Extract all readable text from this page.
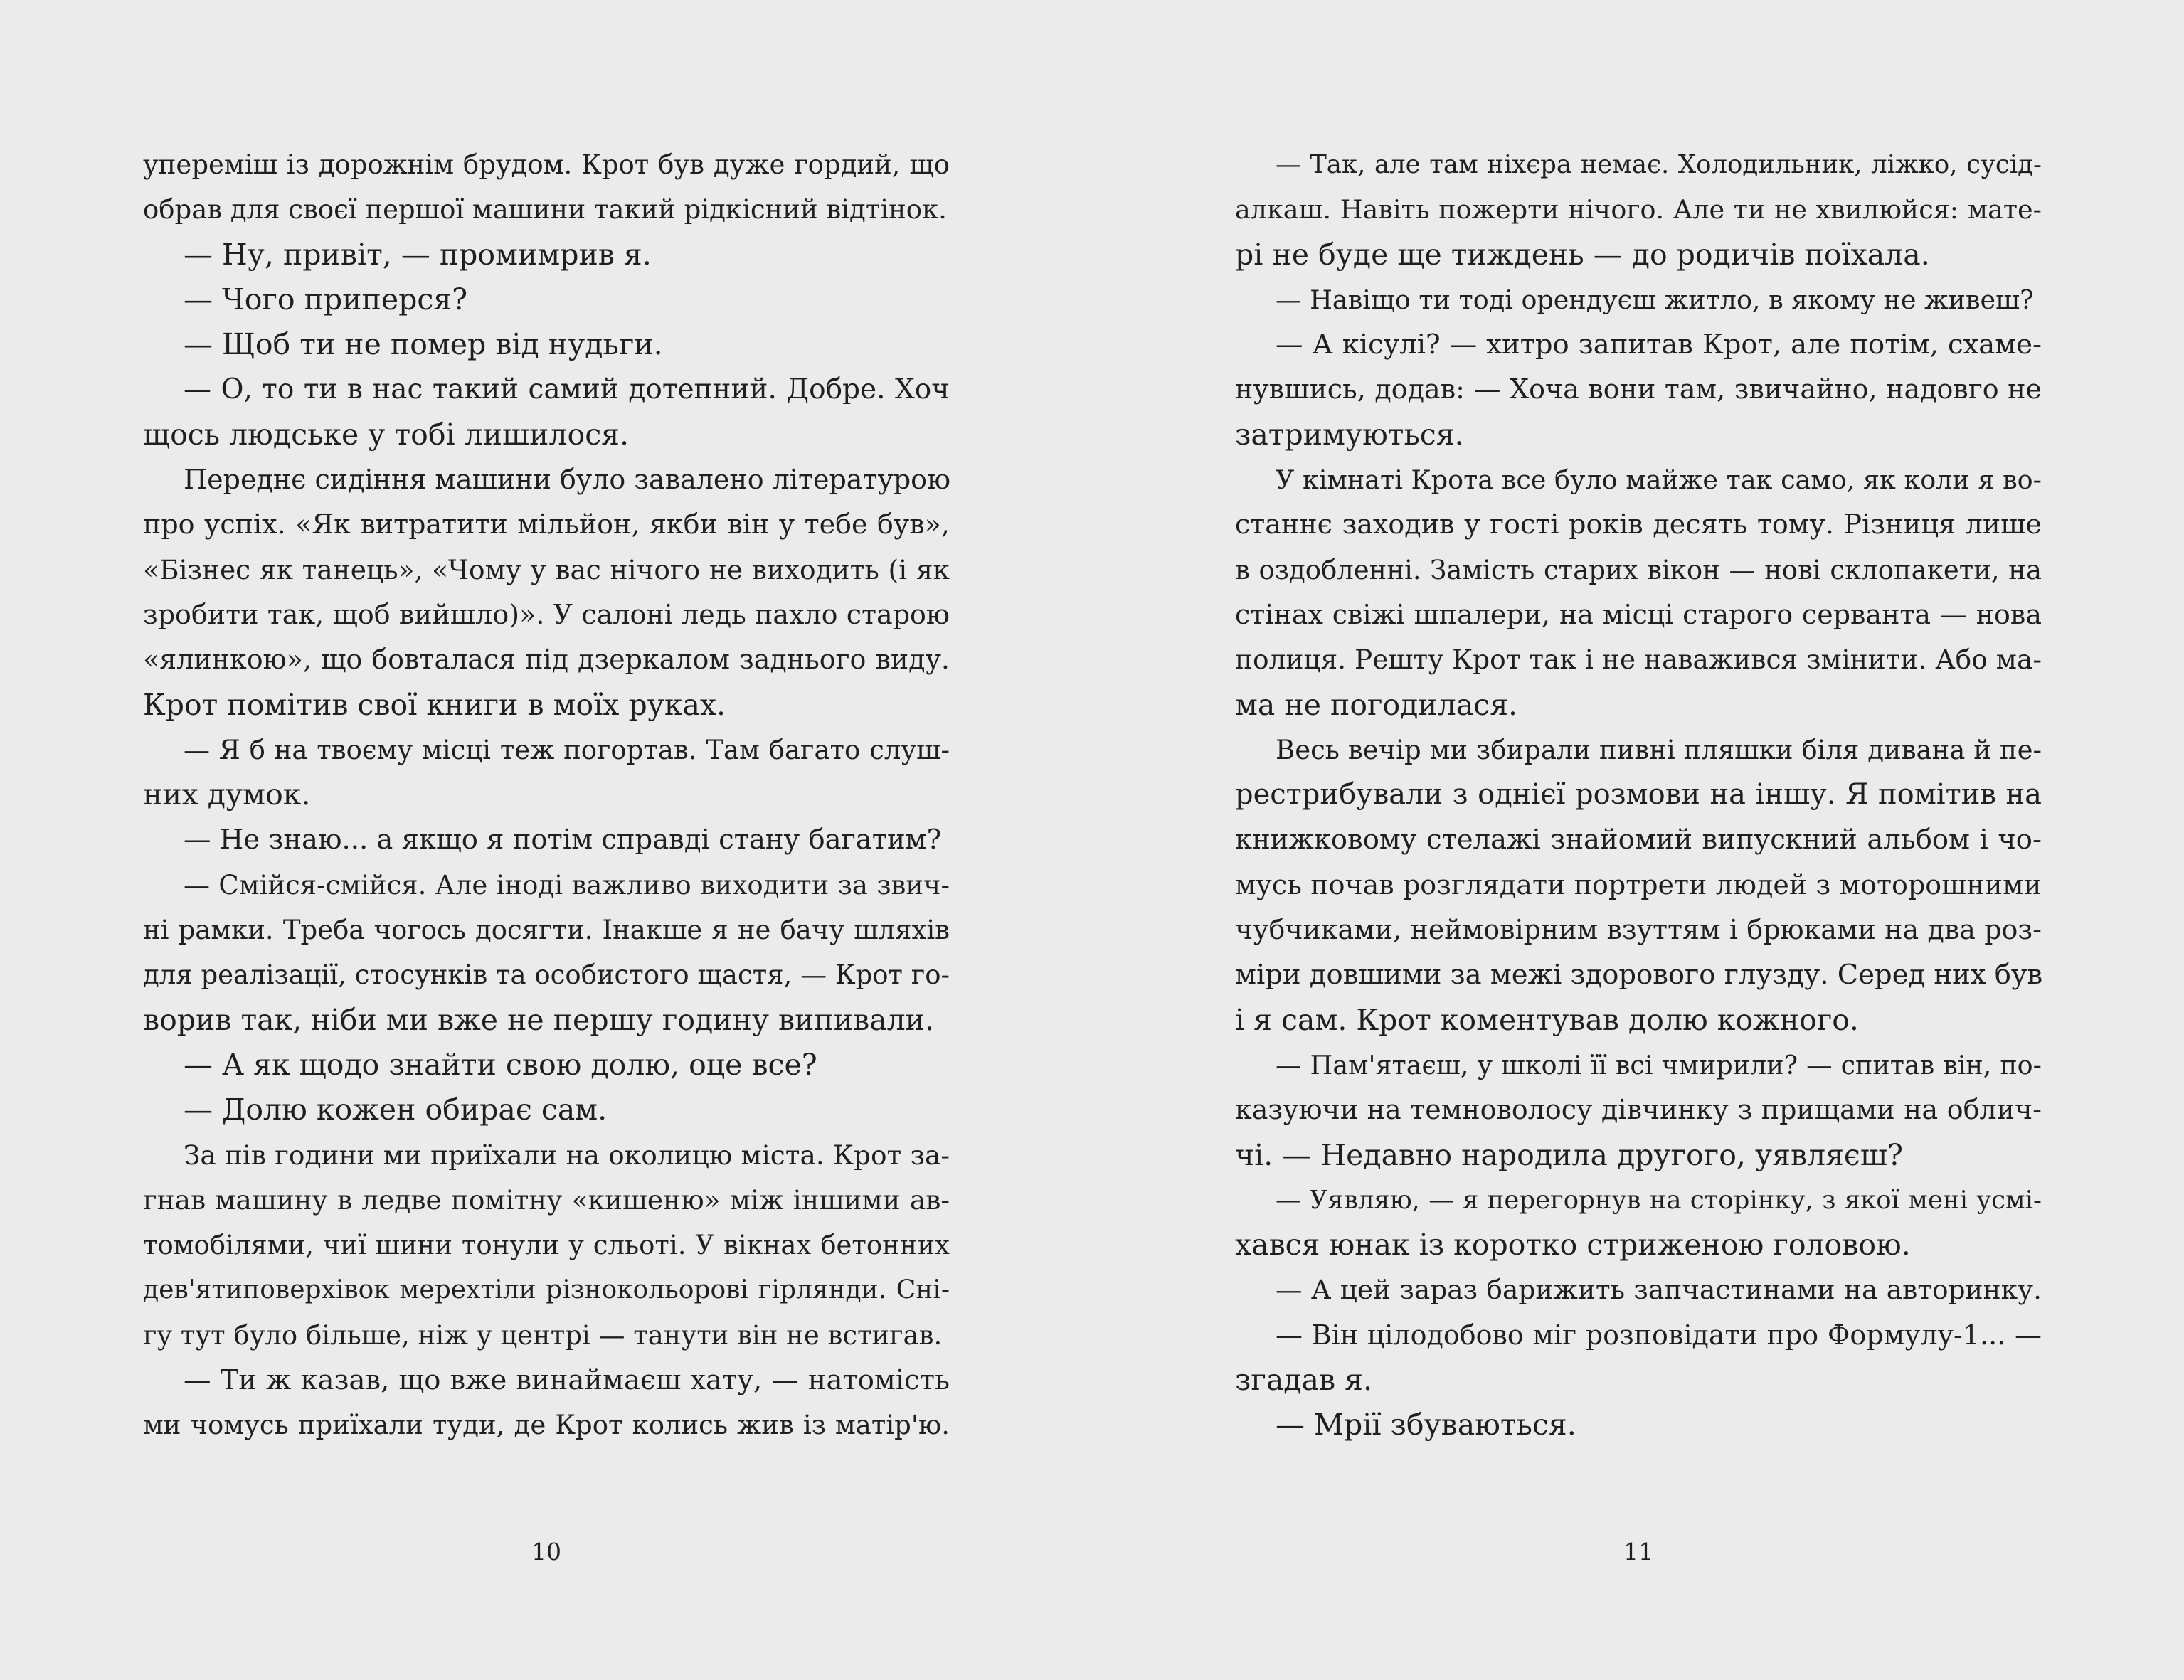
упереміш із дорожнім брудом. Крот був дуже гордий, що
обрав для своєї першої машини такий рідкісний відтінок.
— Ну, привіт, — промимрив я.
— Чого приперся?
— Щоб ти не помер від нудьги.
— О, то ти в нас такий самий дотепний. Добре. Хоч
щось людське у тобі лишилося.
Переднє сидіння машини було завалено літературою
про успіх. «Як витратити мільйон, якби він у тебе був»,
«Бізнес як танець», «Чому у вас нічого не виходить (і як
зробити так, щоб вийшло)». У салоні ледь пахло старою
«ялинкою», що бовталася під дзеркалом заднього виду.
Крот помітив свої книги в моїх руках.
— Я б на твоєму місці теж погортав. Там багато слуш-
них думок.
— Не знаю... а якщо я потім справді стану багатим?
— Смійся-смійся. Але іноді важливо виходити за звич-
ні рамки. Треба чогось досягти. Інакше я не бачу шляхів
для реалізації, стосунків та особистого щастя, — Крот го-
ворив так, ніби ми вже не першу годину випивали.
— А як щодо знайти свою долю, оце все?
— Долю кожен обирає сам.
За пів години ми приїхали на околицю міста. Крот за-
гнав машину в ледве помітну «кишеню» між іншими ав-
томобілями, чиї шини тонули у сльоті. У вікнах бетонних
дев'ятиповерхівок мерехтіли різнокольорові гірлянди. Сні-
гу тут було більше, ніж у центрі — танути він не встигав.
— Ти ж казав, що вже винаймаєш хату, — натомість
ми чомусь приїхали туди, де Крот колись жив із матір'ю.
10
— Так, але там ніхєра немає. Холодильник, ліжко, сусід-
алкаш. Навіть пожерти нічого. Але ти не хвилюйся: мате-
рі не буде ще тиждень — до родичів поїхала.
— Навіщо ти тоді орендуєш житло, в якому не живеш?
— А кісулі? — хитро запитав Крот, але потім, схаме-
нувшись, додав: — Хоча вони там, звичайно, надовго не
затримуються.
У кімнаті Крота все було майже так само, як коли я во-
станнє заходив у гості років десять тому. Різниця лише
в оздобленні. Замість старих вікон — нові склопакети, на
стінах свіжі шпалери, на місці старого серванта — нова
полиця. Решту Крот так і не наважився змінити. Або ма-
ма не погодилася.
Весь вечір ми збирали пивні пляшки біля дивана й пе-
рестрибували з однієї розмови на іншу. Я помітив на
книжковому стелажі знайомий випускний альбом і чо-
мусь почав розглядати портрети людей з моторошними
чубчиками, неймовірним взуттям і брюками на два роз-
міри довшими за межі здорового глузду. Серед них був
і я сам. Крот коментував долю кожного.
— Пам'ятаєш, у школі її всі чмирили? — спитав він, по-
казуючи на темноволосу дівчинку з прищами на облич-
чі. — Недавно народила другого, уявляєш?
— Уявляю, — я перегорнув на сторінку, з якої мені усмі-
хався юнак із коротко стриженою головою.
— А цей зараз барижить запчастинами на авторинку.
— Він цілодобово міг розповідати про Формулу-1... —
згадав я.
— Мрії збуваються.
11
